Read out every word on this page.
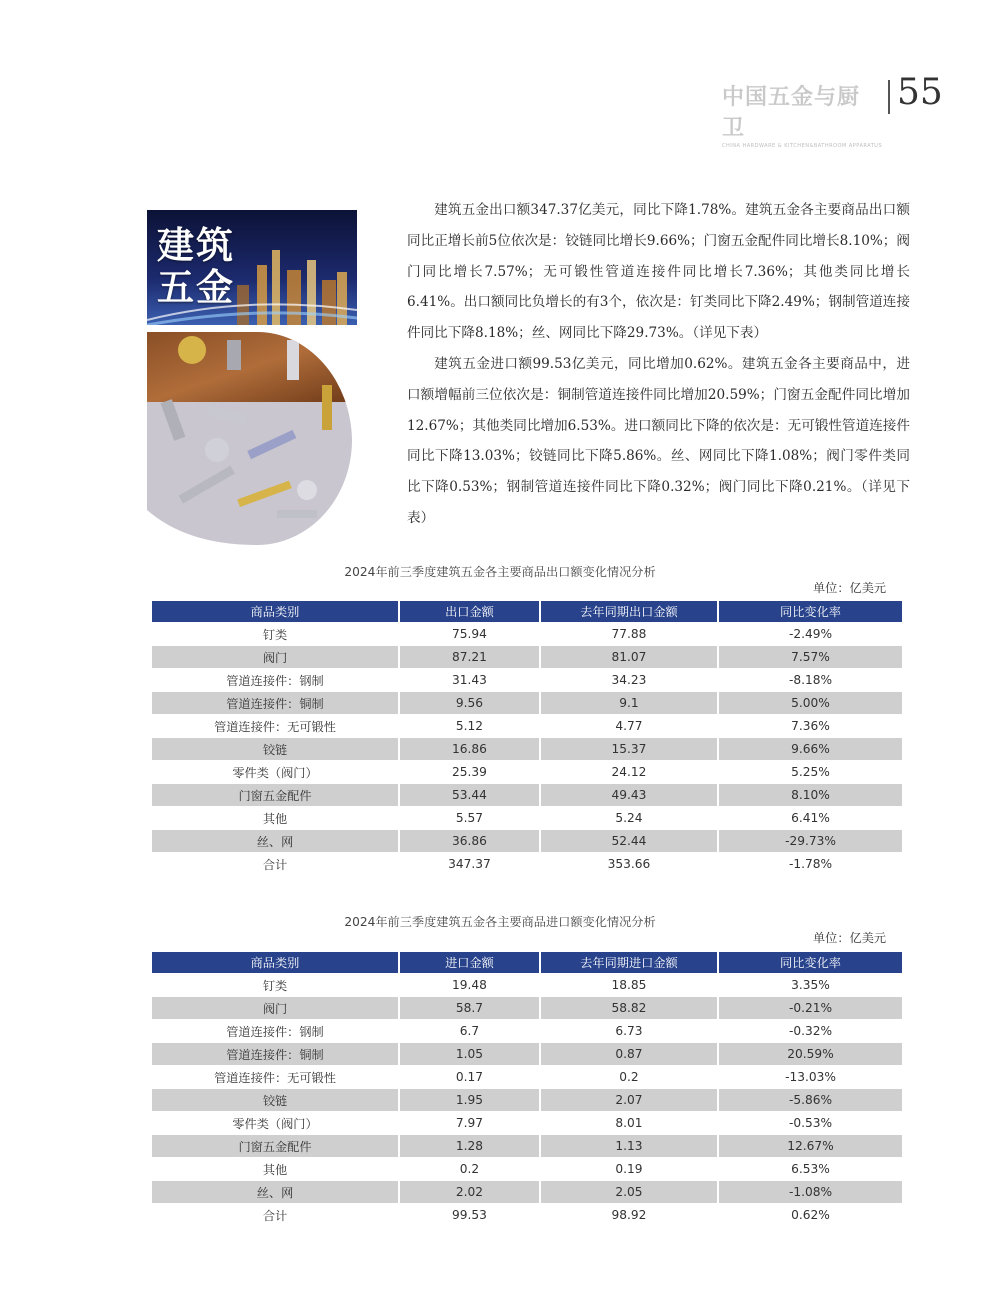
中国五金与厨卫
CHINA HARDWARE & KITCHEN&BATHROOM APPARATUS
55
建筑
五金

建筑五金出口额347.37亿美元，同比下降1.78%。建筑五金各主要商品出口额同比正增长前5位依次是：铰链同比增长9.66%；门窗五金配件同比增长8.10%；阀门同比增长7.57%；无可锻性管道连接件同比增长7.36%；其他类同比增长6.41%。出口额同比负增长的有3个，依次是：钉类同比下降2.49%；钢制管道连接件同比下降8.18%；丝、网同比下降29.73%。（详见下表）

建筑五金进口额99.53亿美元，同比增加0.62%。建筑五金各主要商品中，进口额增幅前三位依次是：铜制管道连接件同比增加20.59%；门窗五金配件同比增加12.67%；其他类同比增加6.53%。进口额同比下降的依次是：无可锻性管道连接件同比下降13.03%；铰链同比下降5.86%。丝、网同比下降1.08%；阀门零件类同比下降0.53%；钢制管道连接件同比下降0.32%；阀门同比下降0.21%。（详见下表）

2024年前三季度建筑五金各主要商品出口额变化情况分析
单位：亿美元
商品类别	出口金额	去年同期出口金额	同比变化率
钉类	75.94	77.88	-2.49%
阀门	87.21	81.07	7.57%
管道连接件：钢制	31.43	34.23	-8.18%
管道连接件：铜制	9.56	9.1	5.00%
管道连接件：无可锻性	5.12	4.77	7.36%
铰链	16.86	15.37	9.66%
零件类（阀门）	25.39	24.12	5.25%
门窗五金配件	53.44	49.43	8.10%
其他	5.57	5.24	6.41%
丝、网	36.86	52.44	-29.73%
合计	347.37	353.66	-1.78%
2024年前三季度建筑五金各主要商品进口额变化情况分析
单位：亿美元
商品类别	进口金额	去年同期进口金额	同比变化率
钉类	19.48	18.85	3.35%
阀门	58.7	58.82	-0.21%
管道连接件：钢制	6.7	6.73	-0.32%
管道连接件：铜制	1.05	0.87	20.59%
管道连接件：无可锻性	0.17	0.2	-13.03%
铰链	1.95	2.07	-5.86%
零件类（阀门）	7.97	8.01	-0.53%
门窗五金配件	1.28	1.13	12.67%
其他	0.2	0.19	6.53%
丝、网	2.02	2.05	-1.08%
合计	99.53	98.92	0.62%
